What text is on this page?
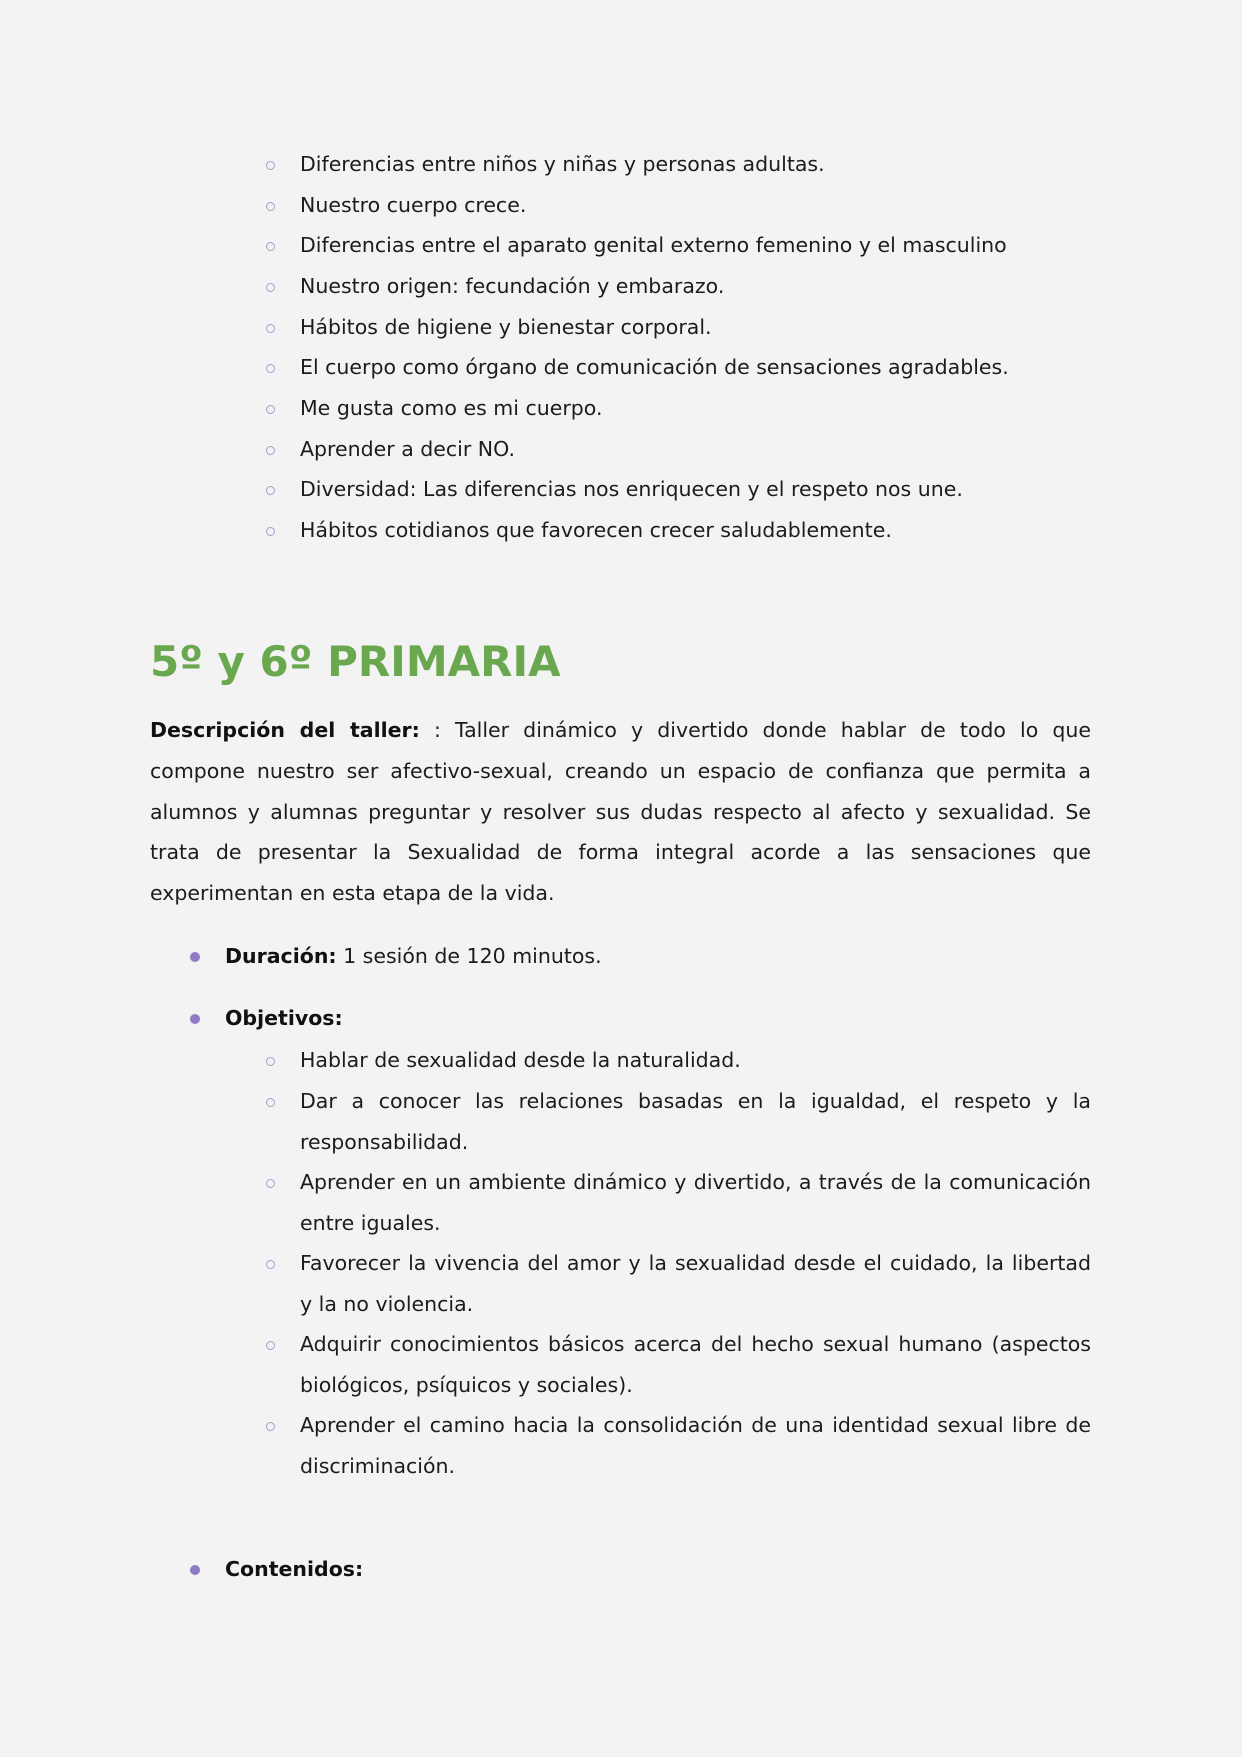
Diferencias entre niños y niñas y personas adultas.
Nuestro cuerpo crece.
Diferencias entre el aparato genital externo femenino y el masculino
Nuestro origen: fecundación y embarazo.
Hábitos de higiene y bienestar corporal.
El cuerpo como órgano de comunicación de sensaciones agradables.
Me gusta como es mi cuerpo.
Aprender a decir NO.
Diversidad: Las diferencias nos enriquecen y el respeto nos une.
Hábitos cotidianos que favorecen crecer saludablemente.
5º y 6º PRIMARIA
Descripción del taller: : Taller dinámico y divertido donde hablar de todo lo que compone nuestro ser afectivo-sexual, creando un espacio de confianza que permita a alumnos y alumnas preguntar y resolver sus dudas respecto al afecto y sexualidad. Se trata de presentar la Sexualidad de forma integral acorde a las sensaciones que experimentan en esta etapa de la vida.
Duración: 1 sesión de 120 minutos.
Objetivos:
Hablar de sexualidad desde la naturalidad.
Dar a conocer las relaciones basadas en la igualdad, el respeto y la responsabilidad.
Aprender en un ambiente dinámico y divertido, a través de la comunicación entre iguales.
Favorecer la vivencia del amor y la sexualidad desde el cuidado, la libertad y la no violencia.
Adquirir conocimientos básicos acerca del hecho sexual humano (aspectos biológicos, psíquicos y sociales).
Aprender el camino hacia la consolidación de una identidad sexual libre de discriminación.
Contenidos:
